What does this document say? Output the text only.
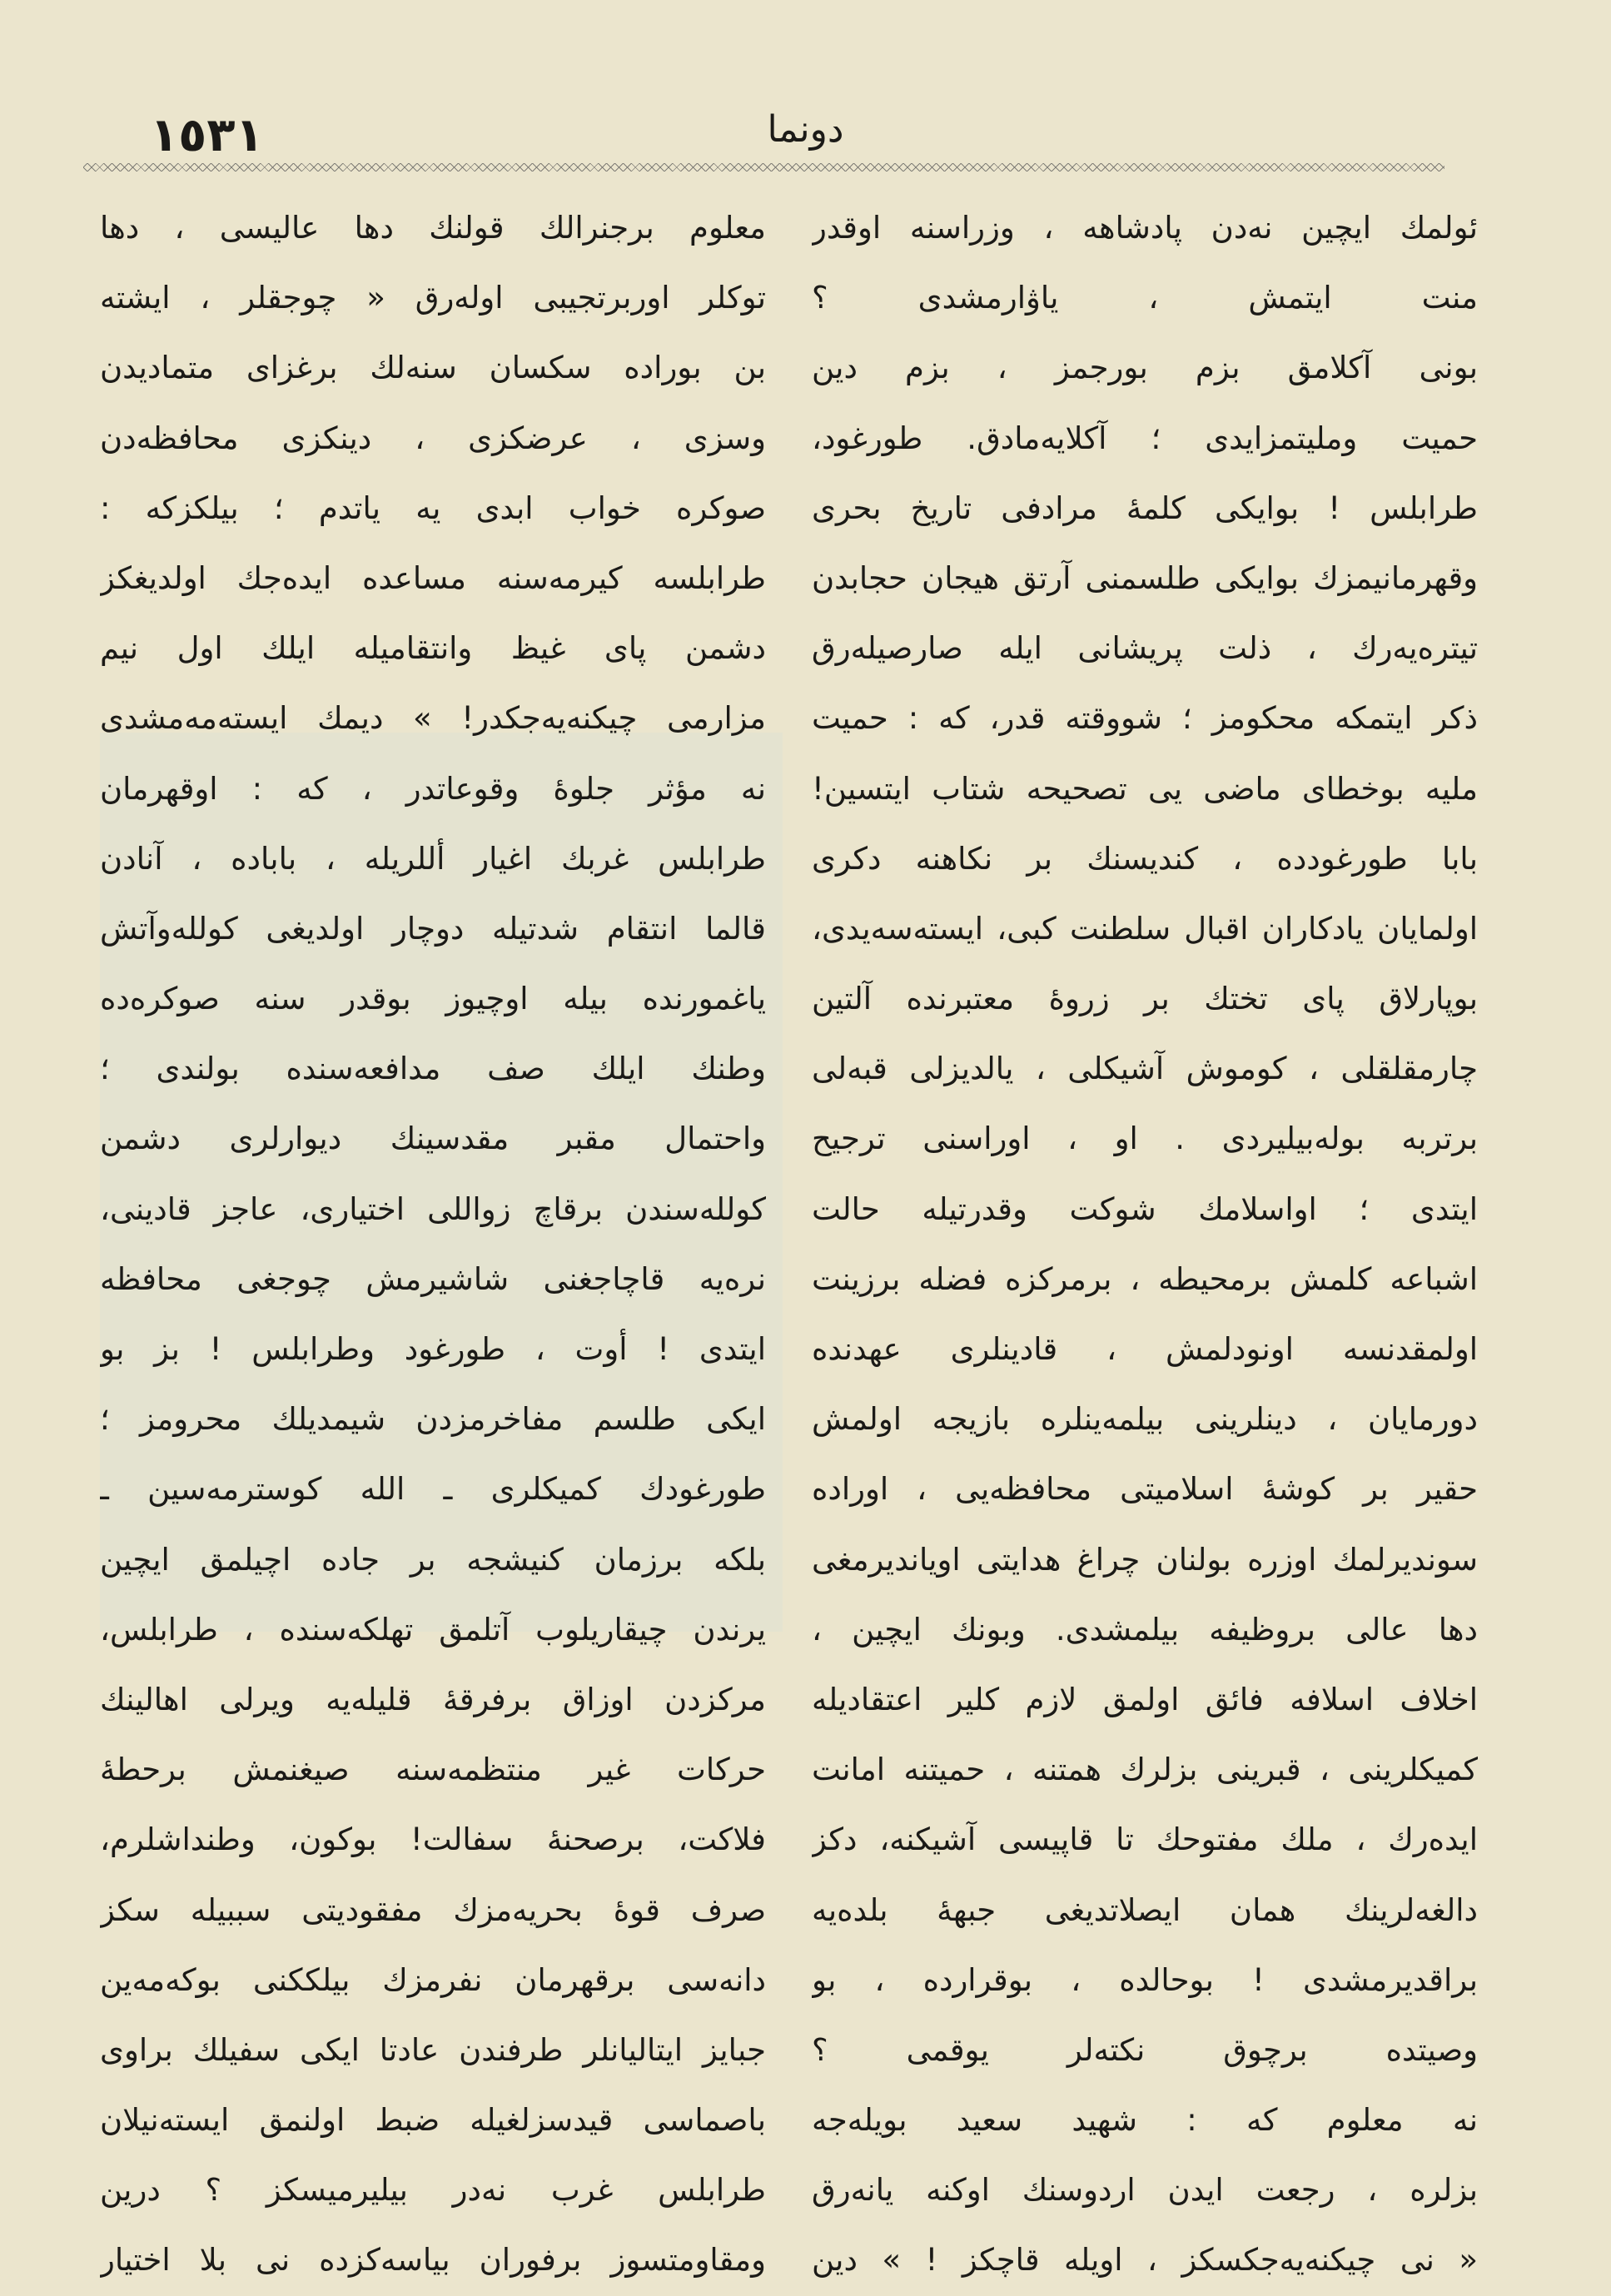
١٥٣١	دونما
ئولمك ايچين نەدن پادشاهە ، وزراسنە اوقدر
منت ايتمش ، ياۋارمشدى ؟
بونى آكلامق بزم بورجمز ، بزم دين
حميت وملیتمزايدى ؛ آكلايەمادق. طورغود،
طرابلس ! بوايكى كلمۀ مرادفى تاريخ بحرى
وقهرمانيمزك بوايكى طلسمنى آرتق هيجان حجابدن
تيترەيەرك ، ذلت پريشانى ايلە صارصيلەرق
ذكر ايتمكە محكومز ؛ شووقتە قدر، كە : حميت
مليە بوخطاى ماضى يى تصحيحە شتاب ايتسين!
بابا طورغودده ، كنديسنك بر نكاهنه دكرى
اولمايان يادكاران اقبال سلطنت كبى، ايستەسەيدى،
بوپارلاق پاى تختك بر زروۀ معتبرندە آلتين
چارمقلقلى ، كوموش آشيكلى ، يالديزلى قبەلى
برتربە بولەبيليردى . او ، اوراسنى ترجيح
ايتدى ؛ اواسلامك شوكت وقدرتيلە حالت
اشباعە كلمش برمحيطە ، برمركزە فضلە برزينت
اولمقدنسە اونودلمش ، قادينلرى عهدندە
دورمايان ، دينلرينى بيلمەينلرە بازيجە اولمش
حقير بر كوشۀ اسلاميتى محافظەيى ، اوراده
سونديرلمك اوزرە بولنان چراغ هدايتى اويانديرمغى
دها عالى بروظيفە بيلمشدى. وبونك ايچين ،
اخلاف اسلافە فائق اولمق لازم كلير اعتقاديلە
كميكلرينى ، قبرينى بزلرك همتنە ، حميتنە امانت
ايدەرك ، ملك مفتوحك تا قاپيسى آشيكنە، دكز
دالغەلرينك همان ايصلاتديغى جبهۀ بلدەيە
براقديرمشدى ! بوحالدە ، بوقراردە ، بو
وصيتدە برچوق نكتەلر يوقمى ؟
نه معلوم كه : شهيد سعيد بويلەجە
بزلرە ، رجعت ايدن اردوسنك اوكنە يانەرق
« نى چيكنەيەجكسكز ، اويلە قاچكز ! » دين
معلوم برجنرالك قولنك دها عاليسى ، دها
توكلر اوربرتجيبى اولەرق « چوجقلر ، ايشتە
بن بوراده سكسان سنەلك برغزاى متماديدن
وسزى ، عرضكزى ، دينكزى محافظەدن
صوكره خواب ابدى يە ياتدم ؛ بيلكزكه :
طرابلسە كيرمەسنە مساعدە ايدەجك اولديغكز
دشمن پاى غيظ وانتقاميلە ايلك اول نيم
مزارمى چيكنەيەجكدر! » ديمك ايستەمەمشدى
نه مؤثر جلوۀ وقوعاتدر ، كه : اوقهرمان
طرابلس غربك اغيار أللريلە ، باباده ، آنادن
قالما انتقام شدتيلە دوچار اولديغى كوللەوآتش
ياغمورنده بيلە اوچيوز بوقدر سنە صوكرەده
وطنك ايلك صف مدافعەسندە بولندى ؛
واحتمال مقبر مقدسينك ديوارلرى دشمن
كوللەسندن برقاچ زواللى اختيارى، عاجز قادينى،
نرەيە قاچاجغنى شاشيرمش چوجغى محافظە
ايتدى ! أوت ، طورغود وطرابلس ! بز بو
ايكى طلسم مفاخرمزدن شيمديلك محرومز ؛
طورغودك كميكلرى ـ الله كوسترمەسين ـ
بلكه برزمان كنيشجە بر جاده اچيلمق ايچين
يرندن چيقاريلوب آتلمق تهلكەسندە ، طرابلس،
مركزدن اوزاق برفرقۀ قليلەيە ويرلى اهالينك
حركات غير منتظمەسنە صيغنمش برحطۀ
فلاكت، برصحنۀ سفالت! بوكون، وطنداشلرم،
صرف قوۀ بحريەمزك مفقوديتى سببيلە سكز
دانەسى برقهرمان نفرمزك بيلككنى بوكەمەين
جبايز ايتاليانلر طرفندن عادتا ايكى سفيلك براوى
باصماسى قيدسزلغيلە ضبط اولنمق ايستەنيلان
طرابلس غرب نەدر بيليرميسكز ؟ درين
ومقاومتسوز برفوران بياسەكزدە نى بلا اختيار
